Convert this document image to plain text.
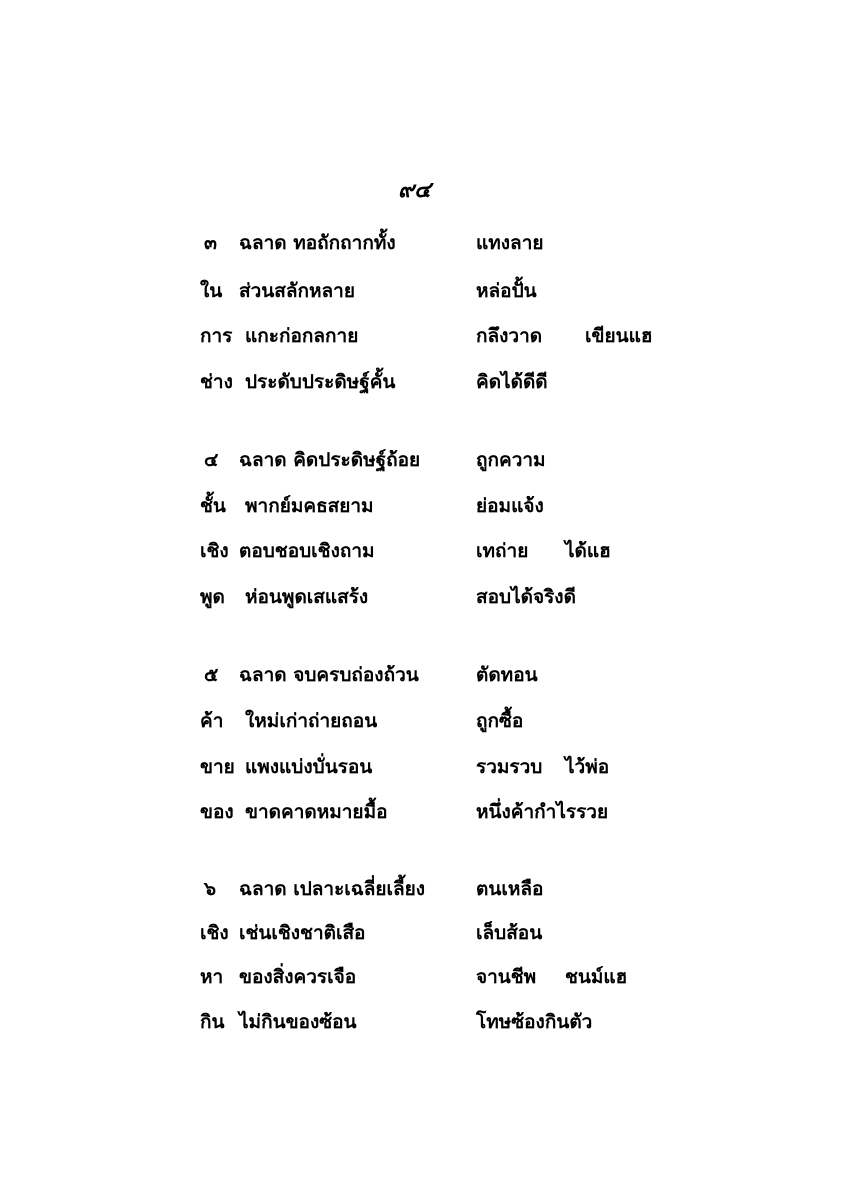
๙๔
๓ ฉลาด ทอถักถากทั้ง	แทงลาย
ใน ส่วนสลักหลาย	หล่อปั้น
การ แกะก่อกลกาย	กลึงวาด เขียนแฮ
ช่าง ประดับประดิษฐ์คั้น	คิดได้ดีดี
๔ ฉลาด คิดประดิษฐ์ถ้อย	ถูกความ
ชั้น พากย์มคธสยาม	ย่อมแจ้ง
เชิง ตอบชอบเชิงถาม	เทถ่าย ได้แฮ
พูด ห่อนพูดเสแสร้ง	สอบได้จริงดี
๕ ฉลาด จบครบถ่องถ้วน	ตัดทอน
ค้า ใหม่เก่าถ่ายถอน	ถูกซื้อ
ขาย แพงแบ่งบั่นรอน	รวมรวบ ไว้พ่อ
ของ ขาดคาดหมายมื้อ	หนึ่งค้ากำไรรวย
๖ ฉลาด เปลาะเฉลี่ยเลี้ยง	ตนเหลือ
เชิง เช่นเชิงชาติเสือ	เล็บส้อน
หา ของสิ่งควรเจือ	จานชีพ ชนม์แฮ
กิน ไม่กินของซ้อน	โทษซ้องกินตัว
